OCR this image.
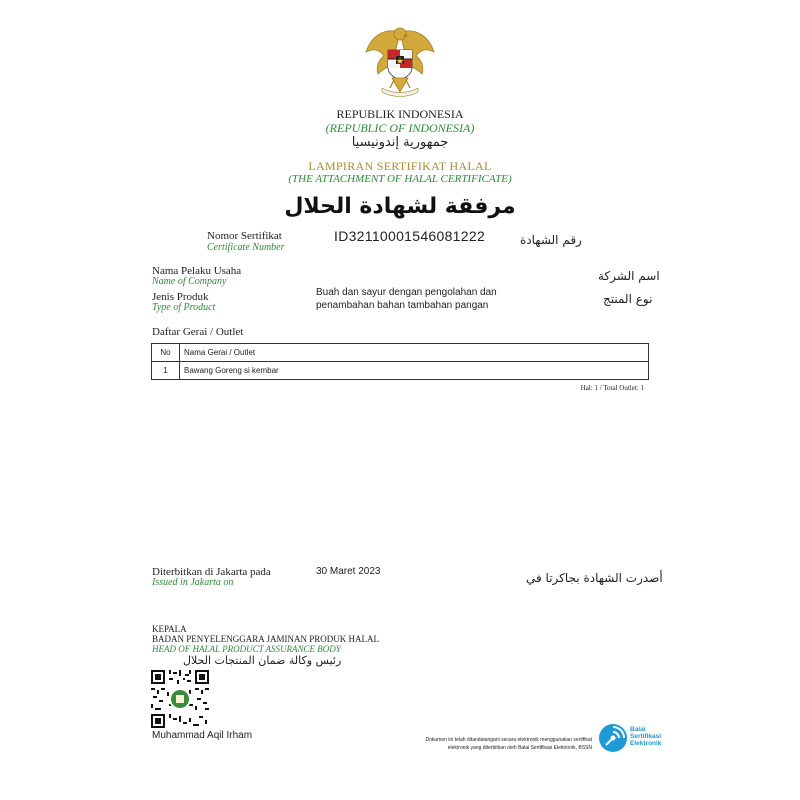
REPUBLIK INDONESIA
(REPUBLIC OF INDONESIA)
جمهورية إندونيسيا
LAMPIRAN SERTIFIKAT HALAL
(THE ATTACHMENT OF HALAL CERTIFICATE)
مرفقة لشهادة الحلال
Nomor Sertifikat
Certificate Number
ID32110001546081222	رقم الشهادة
Nama Pelaku Usaha
Name of Company	اسم الشركة
Jenis Produk
Type of Product
Buah dan sayur dengan pengolahan dan
penambahan bahan tambahan pangan	نوع المنتج
Daftar Gerai / Outlet
No	Nama Gerai / Outlet
1	Bawang Goreng si kembar
Hal: 1 / Total Outlet: 1
Diterbitkan di Jakarta pada
Issued in Jakarta on
30 Maret 2023	أصدرت الشهادة بجاكرتا في
KEPALA
BADAN PENYELENGGARA JAMINAN PRODUK HALAL
HEAD OF HALAL PRODUCT ASSURANCE BODY
رئيس وكالة ضمان المنتجات الحلال
Muhammad Aqil Irham	Dokumen ini telah ditandatangani secara elektronik menggunakan sertifikat
elektronik yang diterbitkan oleh Balai Sertifikasi Elektronik, BSSN
Balai
Sertifikasi
Elektronik
